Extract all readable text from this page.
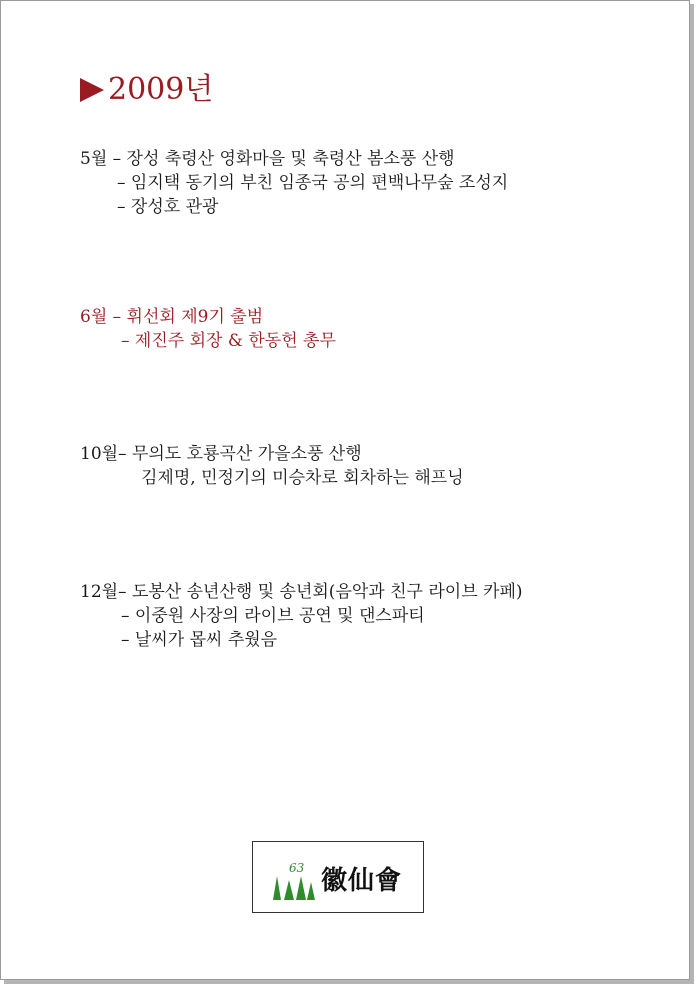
2009년
5월 – 장성 축령산 영화마을 및 축령산 봄소풍 산행
– 임지택 동기의 부친 임종국 공의 편백나무숲 조성지
– 장성호 관광
6월 – 휘선회 제9기 출범
– 제진주 회장 & 한동헌 총무
10월– 무의도 호룡곡산 가을소풍 산행
김제명, 민정기의 미승차로 회차하는 해프닝
12월– 도봉산 송년산행 및 송년회(음악과 친구 라이브 카페)
– 이중원 사장의 라이브 공연 및 댄스파티
– 날씨가 몹씨 추웠음
63 徽仙會
